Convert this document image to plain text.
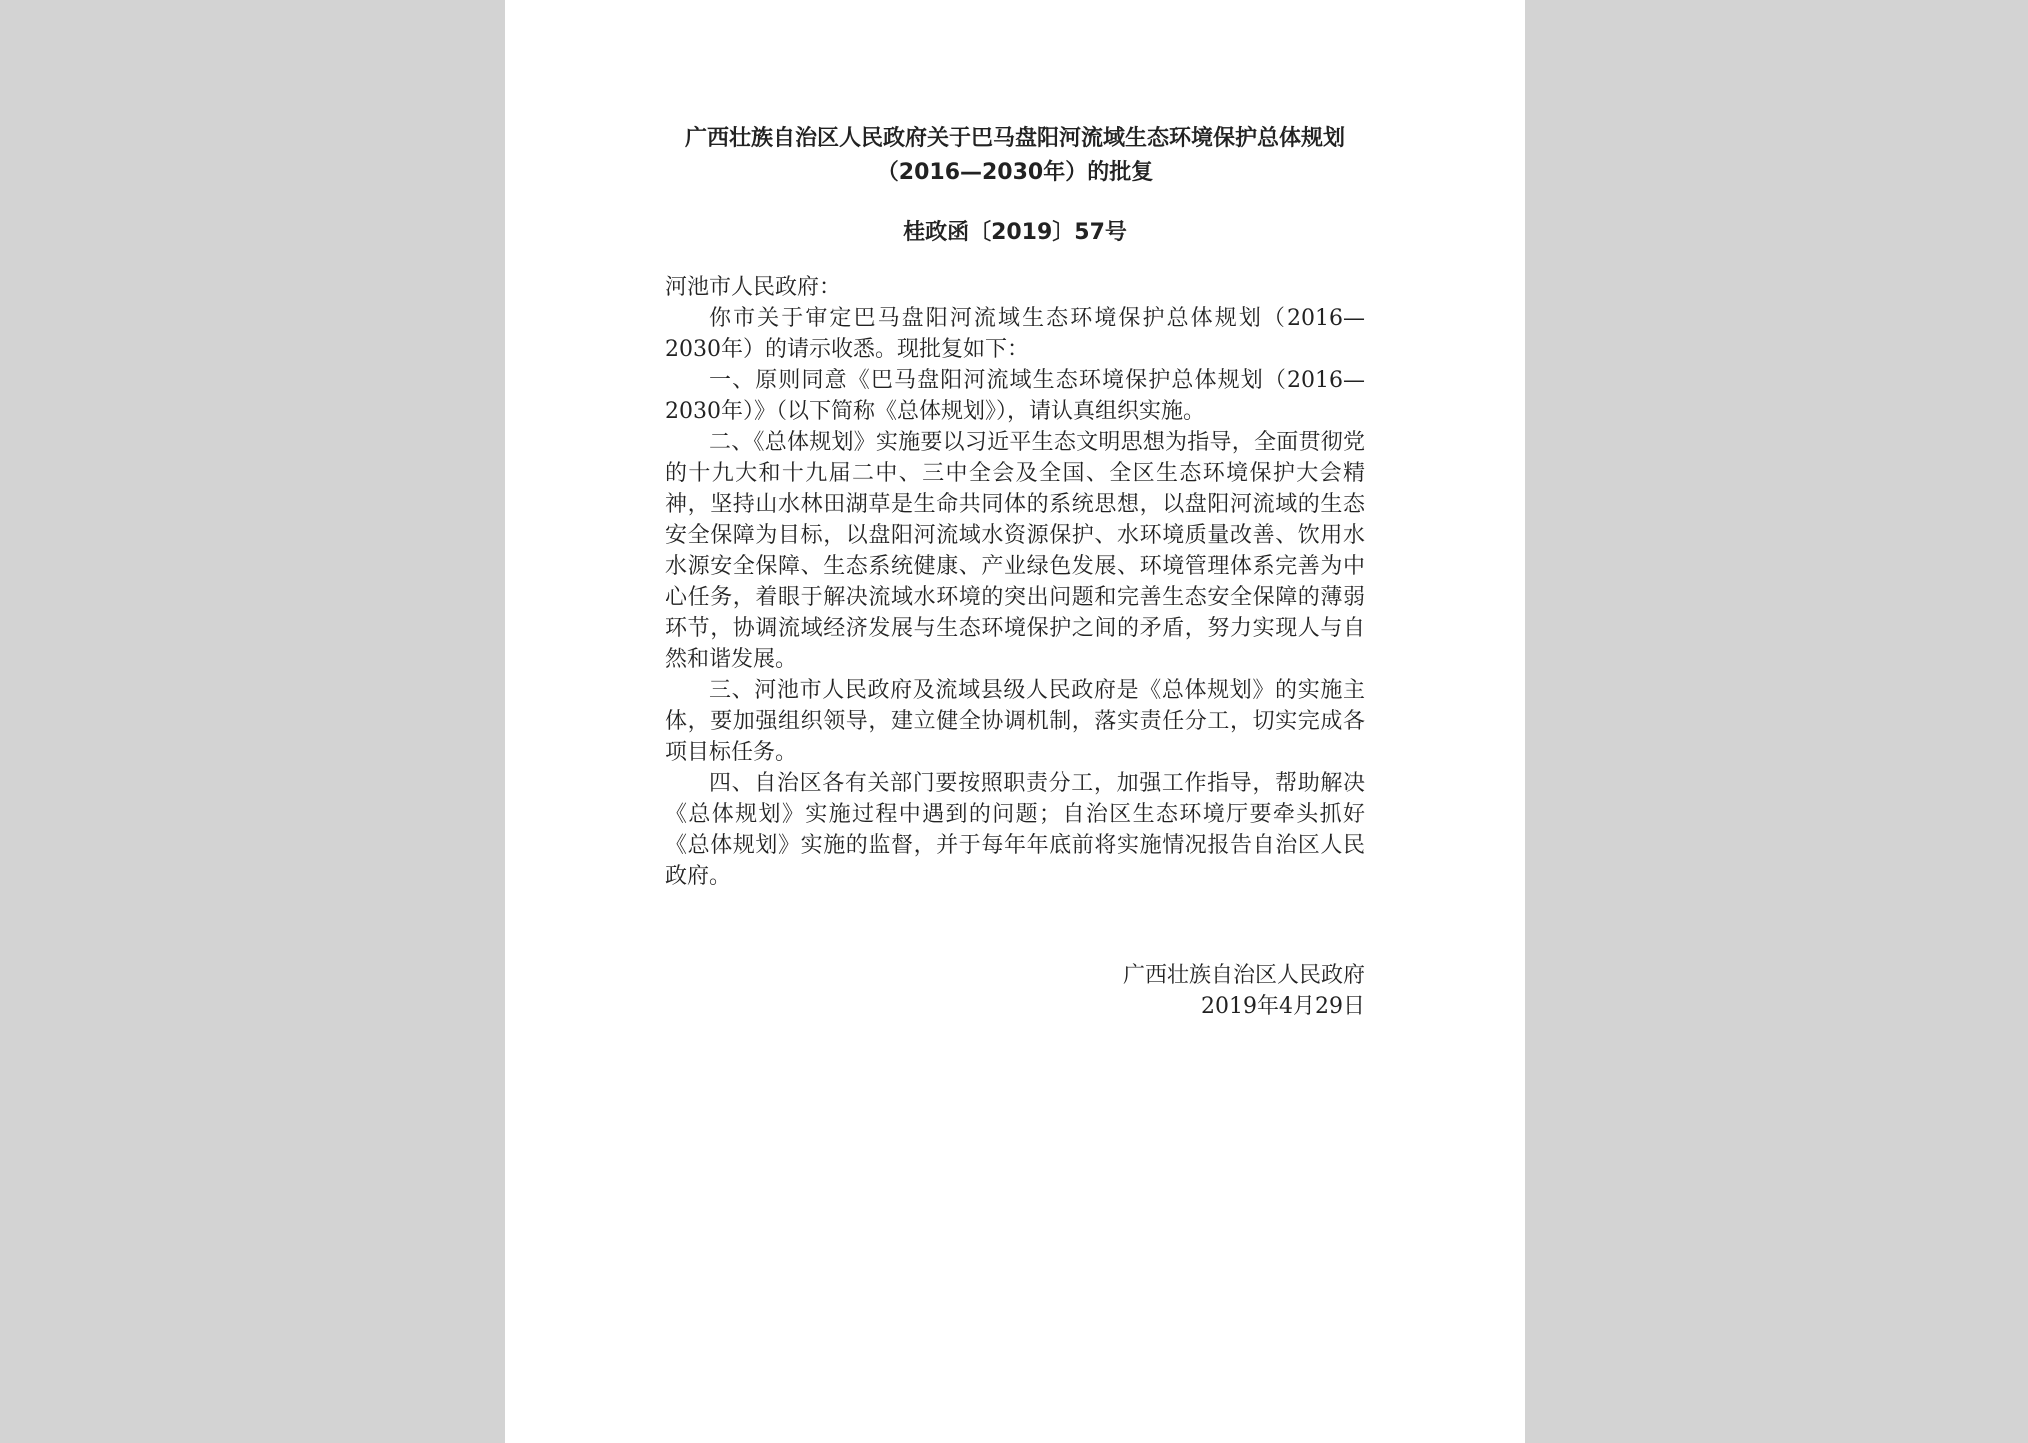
广西壮族自治区人民政府关于巴马盘阳河流域生态环境保护总体规划（2016—2030年）的批复
桂政函〔2019〕57号
河池市人民政府：

你市关于审定巴马盘阳河流域生态环境保护总体规划（2016—2030年）的请示收悉。现批复如下：

一、原则同意《巴马盘阳河流域生态环境保护总体规划（2016—2030年）》（以下简称《总体规划》），请认真组织实施。

二、《总体规划》实施要以习近平生态文明思想为指导，全面贯彻党的十九大和十九届二中、三中全会及全国、全区生态环境保护大会精神，坚持山水林田湖草是生命共同体的系统思想，以盘阳河流域的生态安全保障为目标，以盘阳河流域水资源保护、水环境质量改善、饮用水水源安全保障、生态系统健康、产业绿色发展、环境管理体系完善为中心任务，着眼于解决流域水环境的突出问题和完善生态安全保障的薄弱环节，协调流域经济发展与生态环境保护之间的矛盾，努力实现人与自然和谐发展。

三、河池市人民政府及流域县级人民政府是《总体规划》的实施主体，要加强组织领导，建立健全协调机制，落实责任分工，切实完成各项目标任务。

四、自治区各有关部门要按照职责分工，加强工作指导，帮助解决《总体规划》实施过程中遇到的问题；自治区生态环境厅要牵头抓好《总体规划》实施的监督，并于每年年底前将实施情况报告自治区人民政府。

广西壮族自治区人民政府
2019年4月29日
